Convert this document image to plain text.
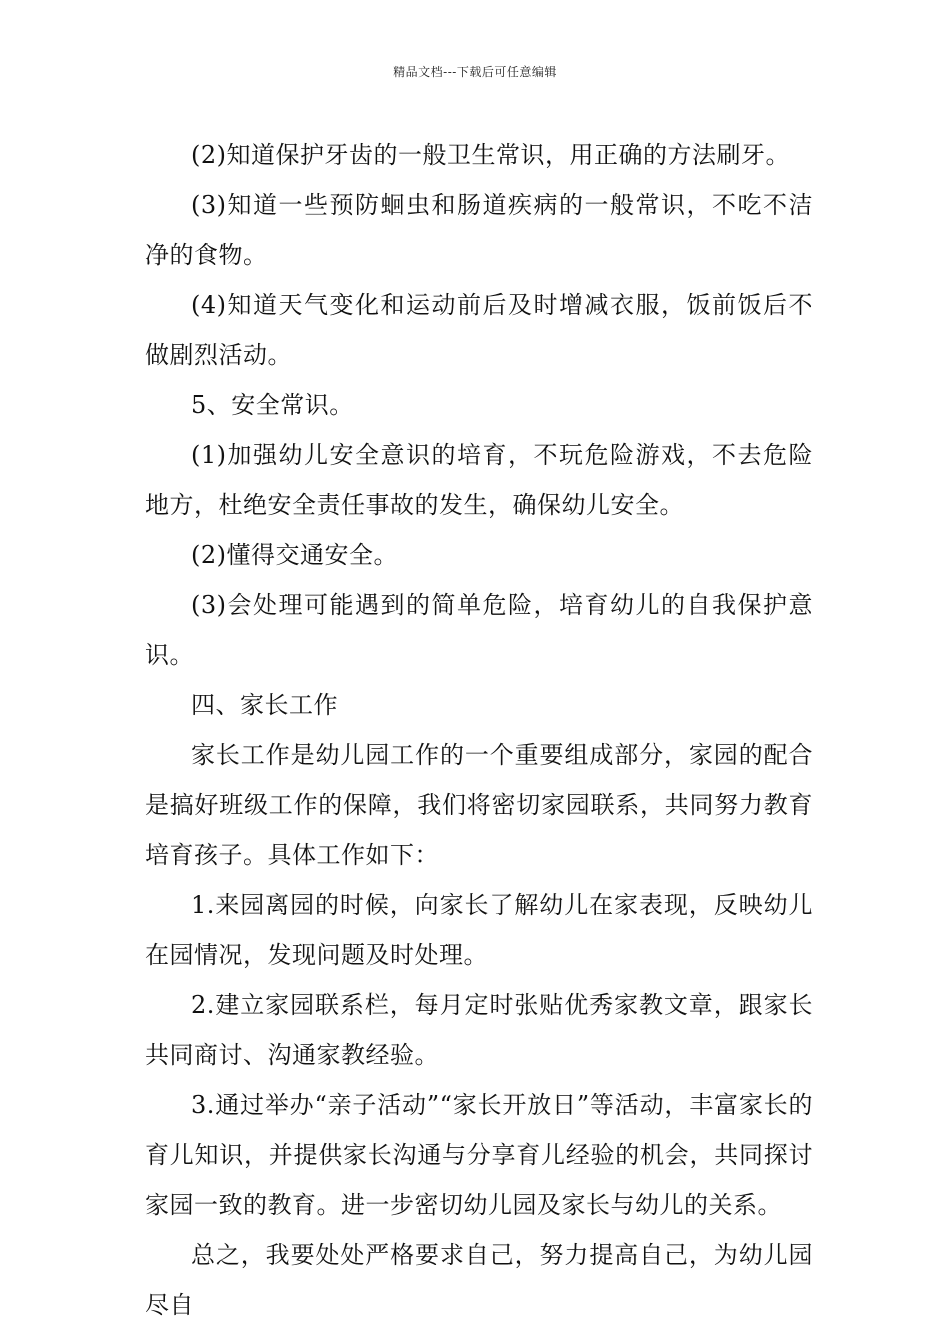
精品文档---下载后可任意编辑

(2)知道保护牙齿的一般卫生常识，用正确的方法刷牙。

(3)知道一些预防蛔虫和肠道疾病的一般常识，不吃不洁净的食物。

(4)知道天气变化和运动前后及时增减衣服，饭前饭后不做剧烈活动。

5、安全常识。

(1)加强幼儿安全意识的培育，不玩危险游戏，不去危险地方，杜绝安全责任事故的发生，确保幼儿安全。

(2)懂得交通安全。

(3)会处理可能遇到的简单危险，培育幼儿的自我保护意识。

四、家长工作

家长工作是幼儿园工作的一个重要组成部分，家园的配合是搞好班级工作的保障，我们将密切家园联系，共同努力教育培育孩子。具体工作如下：

1.来园离园的时候，向家长了解幼儿在家表现，反映幼儿在园情况，发现问题及时处理。

2.建立家园联系栏，每月定时张贴优秀家教文章，跟家长共同商讨、沟通家教经验。

3.通过举办“亲子活动”“家长开放日”等活动，丰富家长的育儿知识，并提供家长沟通与分享育儿经验的机会，共同探讨家园一致的教育。进一步密切幼儿园及家长与幼儿的关系。

总之，我要处处严格要求自己，努力提高自己，为幼儿园尽自
